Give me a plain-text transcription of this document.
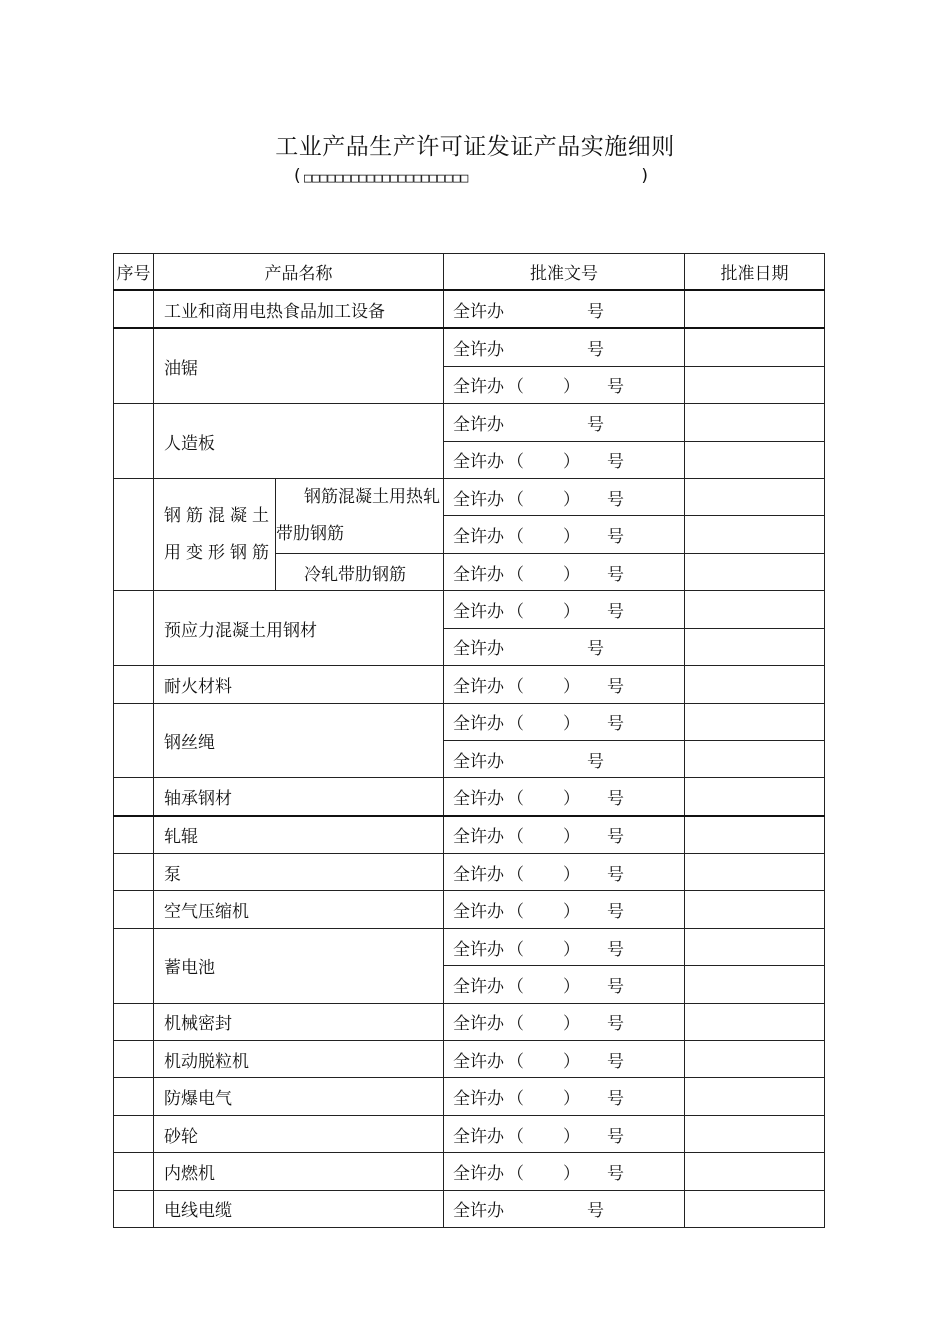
工业产品生产许可证发证产品实施细则
( □□□□□□□□□□□□□□□□□□□□□	)
序号	产品名称		批准文号	批准日期
	工业和商用电热食品加工设备		全许办 号	
	油锯		全许办 号	
			全许办 （ ） 号	
	人造板		全许办 号	
			全许办 （ ） 号	
	钢筋混凝土用变形钢筋	钢筋混凝土用热轧带肋钢筋	全许办 （ ） 号	
			全许办 （ ） 号	
		冷轧带肋钢筋	全许办 （ ） 号	
	预应力混凝土用钢材		全许办 （ ） 号	
			全许办 号	
	耐火材料		全许办 （ ） 号	
	钢丝绳		全许办 （ ） 号	
			全许办 号	
	轴承钢材		全许办 （ ） 号	
	轧辊		全许办 （ ） 号	
	泵		全许办 （ ） 号	
	空气压缩机		全许办 （ ） 号	
	蓄电池		全许办 （ ） 号	
			全许办 （ ） 号	
	机械密封		全许办 （ ） 号	
	机动脱粒机		全许办 （ ） 号	
	防爆电气		全许办 （ ） 号	
	砂轮		全许办 （ ） 号	
	内燃机		全许办 （ ） 号	
	电线电缆		全许办 号	
